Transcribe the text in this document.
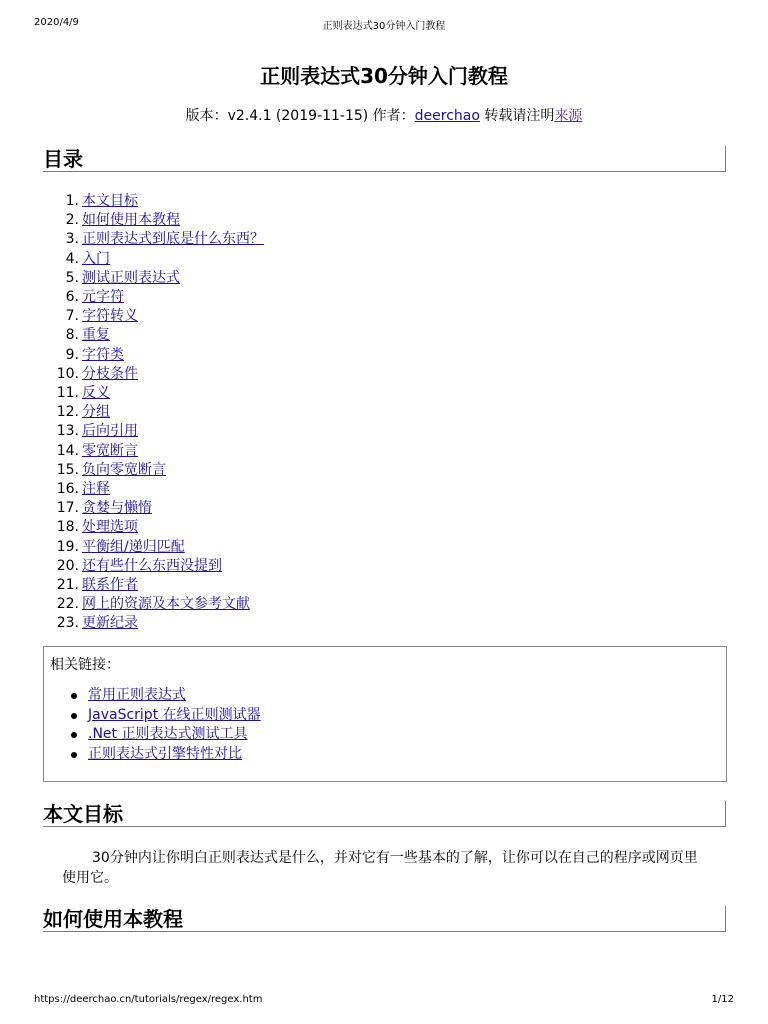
2020/4/9	正则表达式30分钟入门教程
正则表达式30分钟入门教程
版本：v2.4.1 (2019-11-15) 作者：deerchao 转载请注明来源
目录
1. 本文目标
2. 如何使用本教程
3. 正则表达式到底是什么东西？
4. 入门
5. 测试正则表达式
6. 元字符
7. 字符转义
8. 重复
9. 字符类
10. 分枝条件
11. 反义
12. 分组
13. 后向引用
14. 零宽断言
15. 负向零宽断言
16. 注释
17. 贪婪与懒惰
18. 处理选项
19. 平衡组/递归匹配
20. 还有些什么东西没提到
21. 联系作者
22. 网上的资源及本文参考文献
23. 更新纪录
相关链接：
常用正则表达式
JavaScript 在线正则测试器
.Net 正则表达式测试工具
正则表达式引擎特性对比
本文目标

30分钟内让你明白正则表达式是什么，并对它有一些基本的了解，让你可以在自己的程序或网页里使用它。

如何使用本教程
https://deerchao.cn/tutorials/regex/regex.htm	1/12
